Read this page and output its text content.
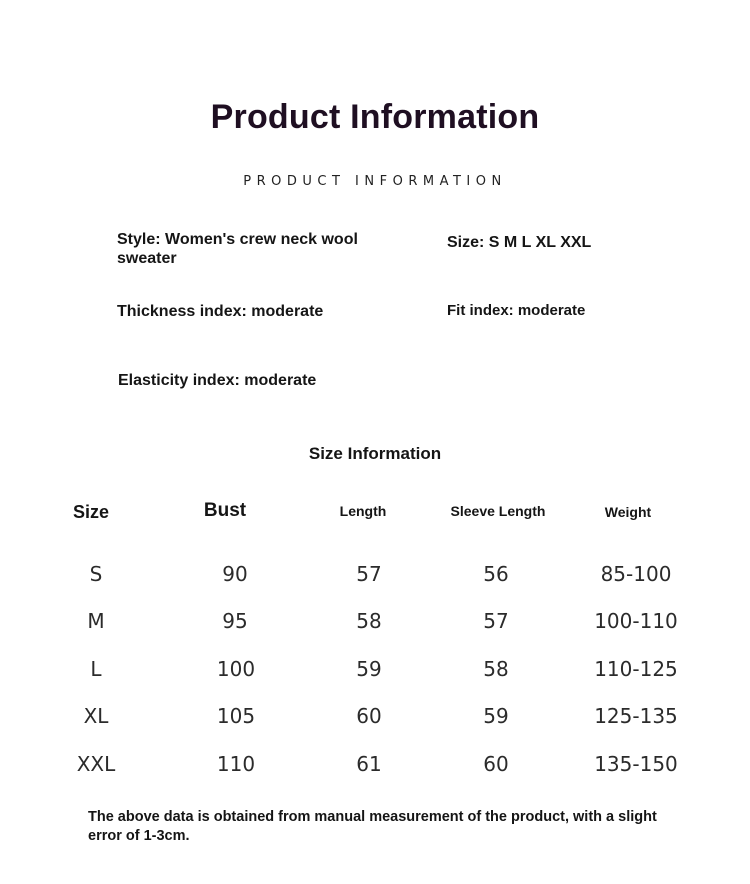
Product Information
PRODUCT INFORMATION
Style: Women's crew neck wool sweater
Size: S M L XL XXL
Thickness index: moderate	Fit index: moderate
Elasticity index: moderate
Size Information
Size	Bust	Length	Sleeve Length	Weight
S	90	57	56	85-100
M	95	58	57	100-110
L	100	59	58	110-125
XL	105	60	59	125-135
XXL	110	61	60	135-150
The above data is obtained from manual measurement of the product, with a slight error of 1-3cm.
